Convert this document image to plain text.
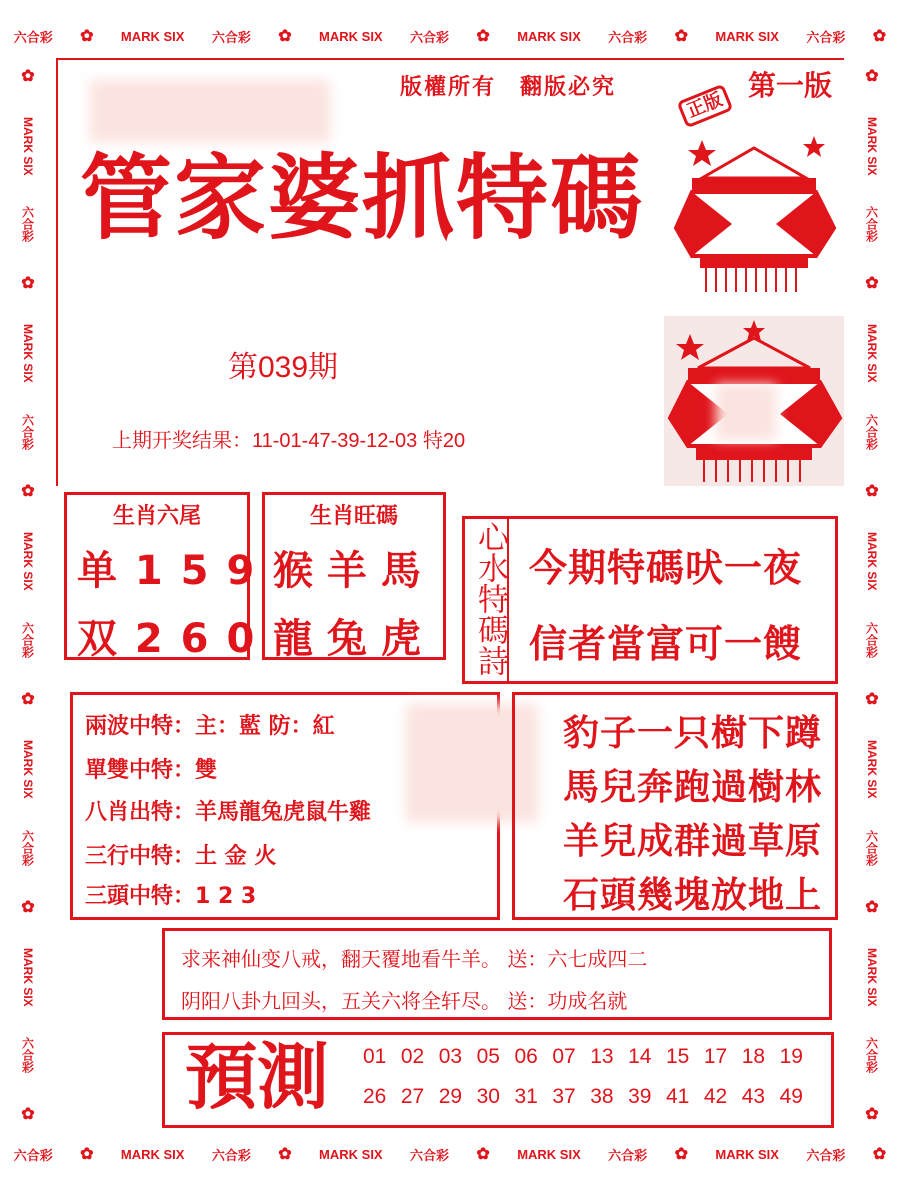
六合彩 ✿ MARK SIX 六合彩 ✿ MARK SIX 六合彩 ✿ MARK SIX 六合彩 ✿ MARK SIX 六合彩 ✿
六合彩 ✿ MARK SIX 六合彩 ✿ MARK SIX 六合彩 ✿ MARK SIX 六合彩 ✿ MARK SIX 六合彩 ✿
✿
MARK SIX
六合彩
✿
MARK SIX
六合彩
✿
MARK SIX
六合彩
✿
MARK SIX
六合彩
✿
MARK SIX
六合彩
✿
✿
MARK SIX
六合彩
✿
MARK SIX
六合彩
✿
MARK SIX
六合彩
✿
MARK SIX
六合彩
✿
MARK SIX
六合彩
✿
版權所有　翻版必究	第一版
正版
管家婆抓特碼
第039期
上期开奖结果：11-01-47-39-12-03 特20
生肖六尾
单 1 5 9
双 2 6 0
生肖旺碼
猴 羊 馬
龍 兔 虎 心水特碼詩 今期特碼吠一夜
信者當富可一餿
兩波中特：主：藍 防：紅
單雙中特：雙
八肖出特：羊馬龍兔虎鼠牛雞
三行中特：土 金 火
三頭中特：1 2 3
豹子一只樹下蹲
馬兒奔跑過樹林
羊兒成群過草原
石頭幾塊放地上
求来神仙变八戒，翻天覆地看牛羊。 送：六七成四二
阴阳八卦九回头，五关六将全轩尽。 送：功成名就
預測 01 02 03 05 06 07 13 14 15 17 18 19
26 27 29 30 31 37 38 39 41 42 43 49
